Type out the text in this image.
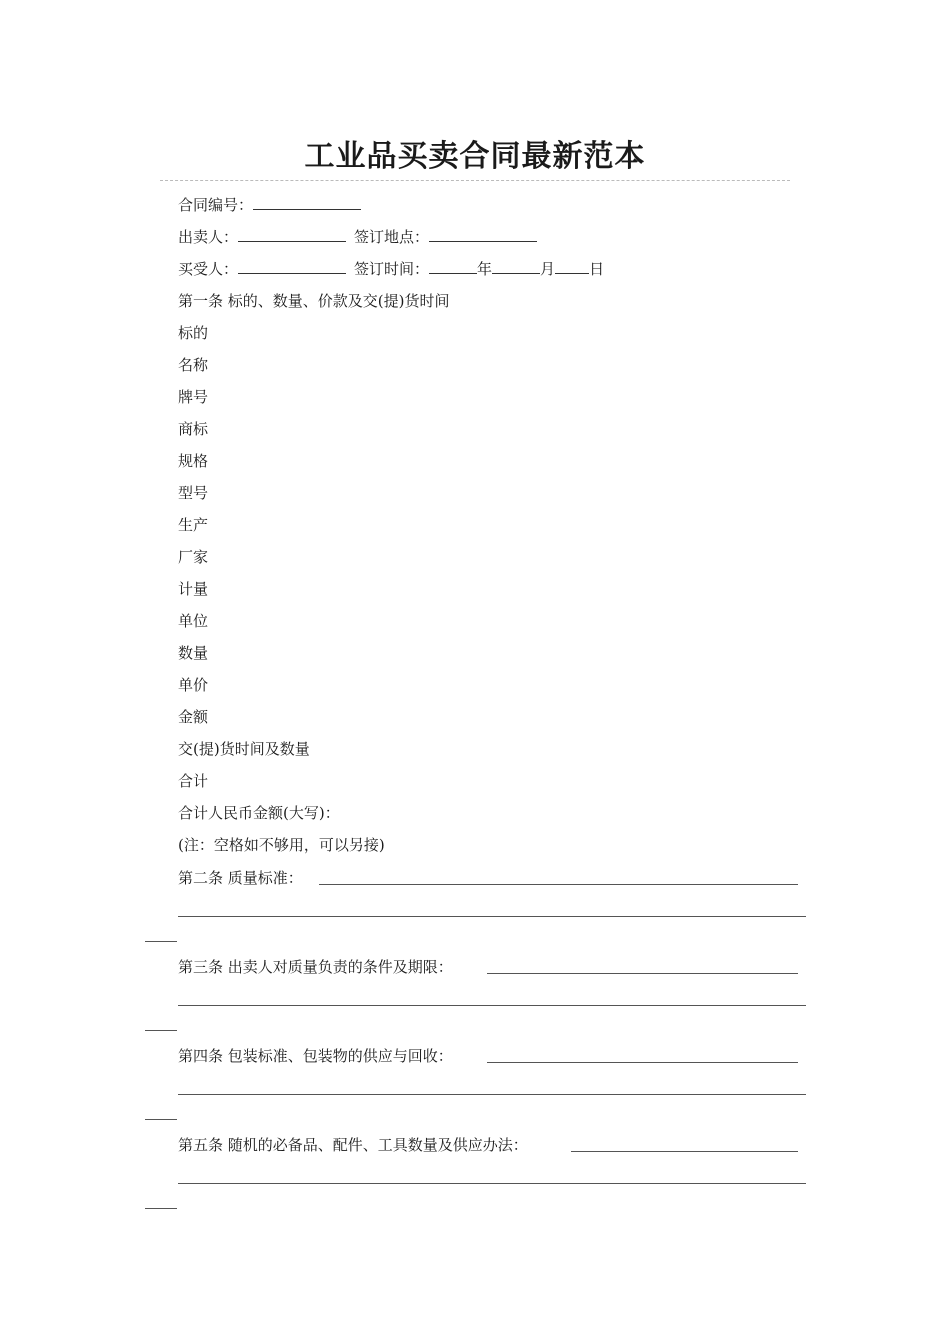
工业品买卖合同最新范本
合同编号：
出卖人：	签订地点：
买受人：	签订时间：	年	月 日
第一条 标的、数量、价款及交(提)货时间
标的
名称
牌号
商标
规格
型号
生产
厂家
计量
单位
数量
单价
金额
交(提)货时间及数量
合计
合计人民币金额(大写)：
(注：空格如不够用，可以另接)
第二条 质量标准：
第三条 出卖人对质量负责的条件及期限：
第四条 包装标准、包装物的供应与回收：
第五条 随机的必备品、配件、工具数量及供应办法：
